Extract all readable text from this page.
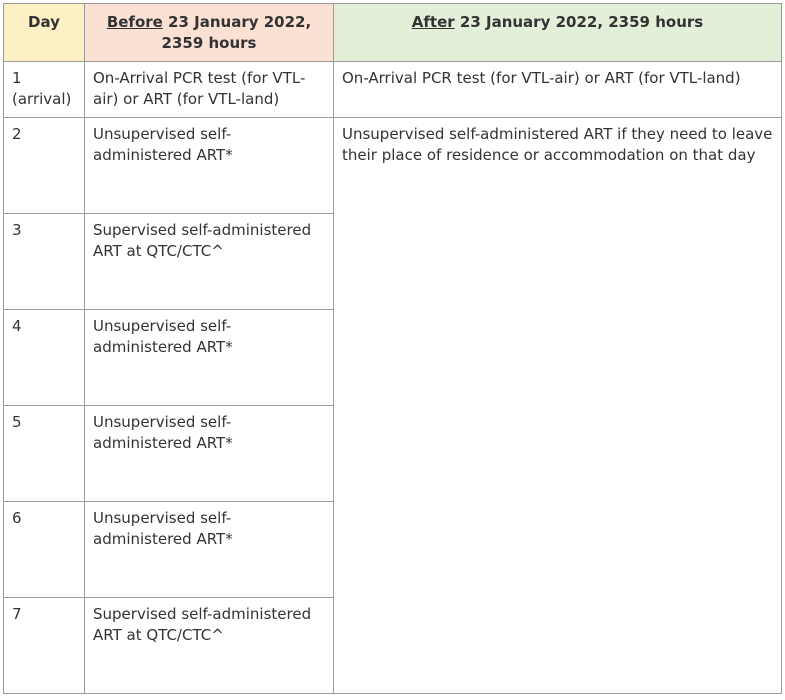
Day	Before 23 January 2022, 2359 hours	After 23 January 2022, 2359 hours
1 (arrival)	On-Arrival PCR test (for VTL-air) or ART (for VTL-land)	On-Arrival PCR test (for VTL-air) or ART (for VTL-land)
2	Unsupervised self-administered ART*	Unsupervised self-administered ART if they need to leave their place of residence or accommodation on that day
3	Supervised self-administered ART at QTC/CTC^	
4	Unsupervised self-administered ART*	
5	Unsupervised self-administered ART*	
6	Unsupervised self-administered ART*	
7	Supervised self-administered ART at QTC/CTC^	
